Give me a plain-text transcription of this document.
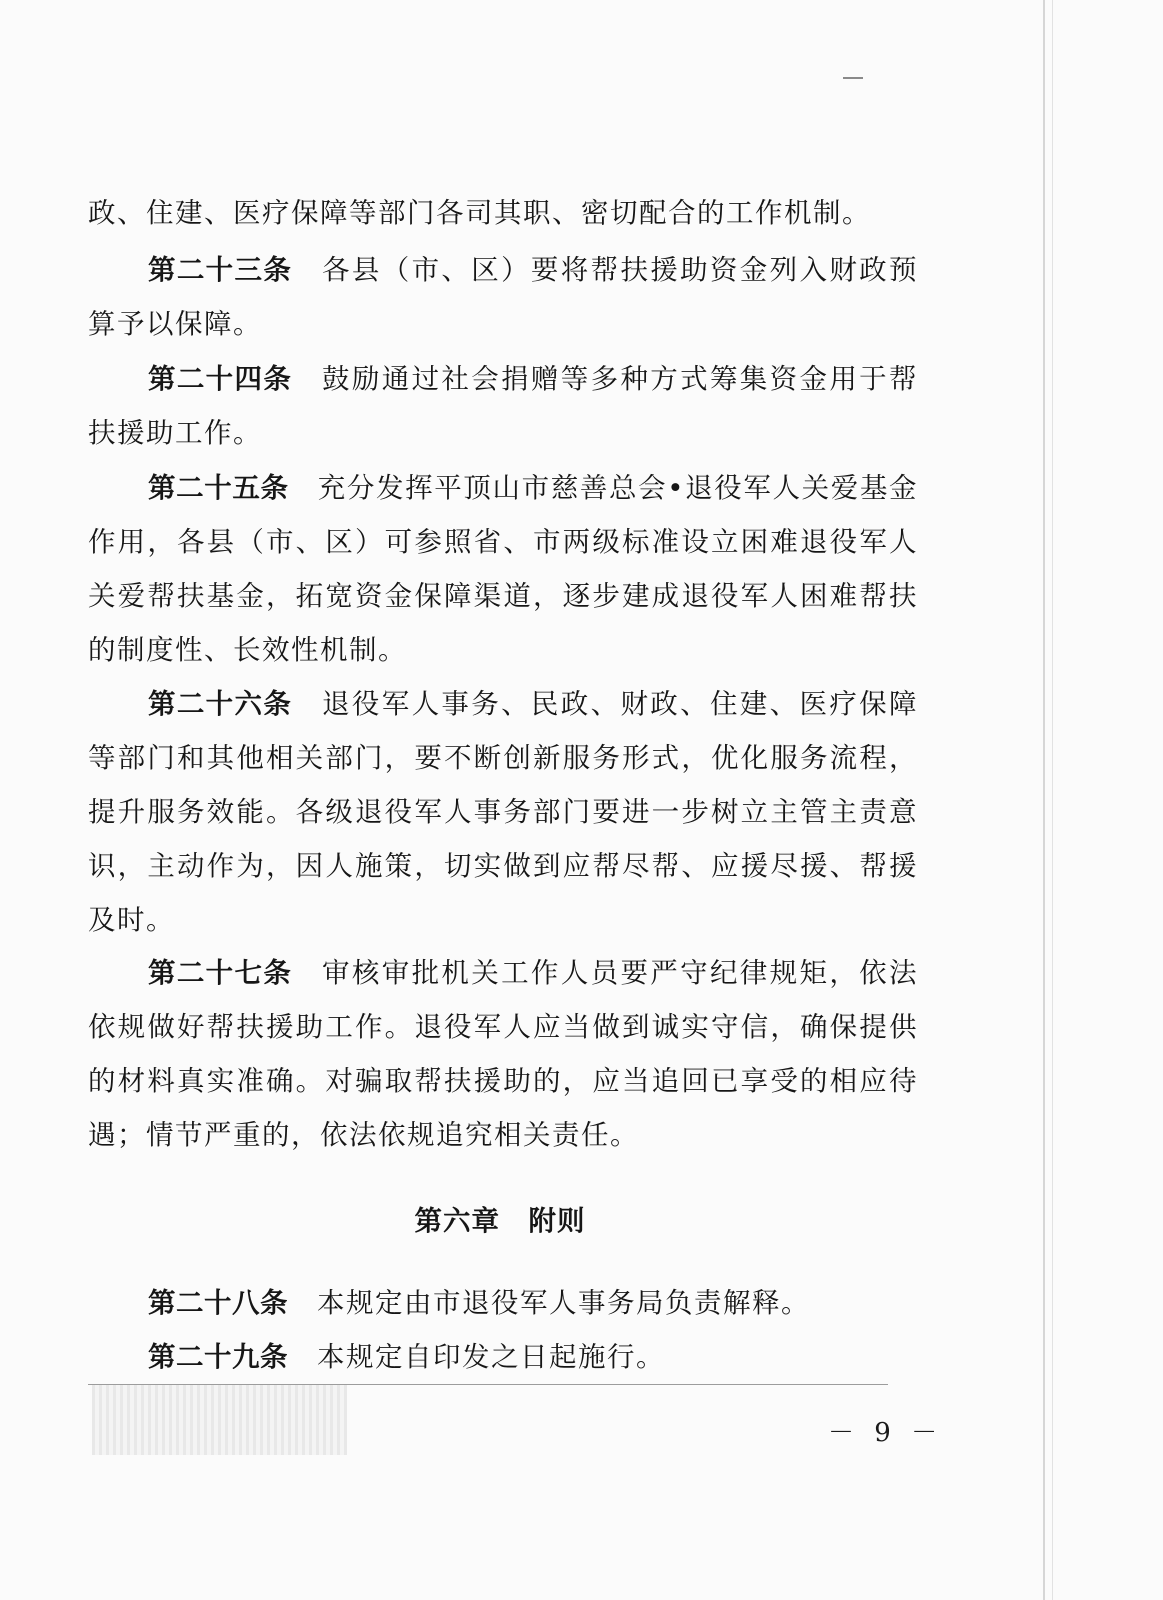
政、住建、医疗保障等部门各司其职、密切配合的工作机制。

第二十三条　 各县（市、区）要将帮扶援助资金列入财政预算予以保障。

第二十四条　 鼓励通过社会捐赠等多种方式筹集资金用于帮扶援助工作。

第二十五条　 充分发挥平顶山市慈善总会•退役军人关爱基金作用，各县（市、区）可参照省、市两级标准设立困难退役军人关爱帮扶基金，拓宽资金保障渠道，逐步建成退役军人困难帮扶的制度性、长效性机制。

第二十六条　 退役军人事务、民政、财政、住建、医疗保障等部门和其他相关部门，要不断创新服务形式，优化服务流程，提升服务效能。各级退役军人事务部门要进一步树立主管主责意识，主动作为，因人施策，切实做到应帮尽帮、应援尽援、帮援及时。

第二十七条　 审核审批机关工作人员要严守纪律规矩，依法依规做好帮扶援助工作。退役军人应当做到诚实守信，确保提供的材料真实准确。对骗取帮扶援助的，应当追回已享受的相应待遇；情节严重的，依法依规追究相关责任。

第六章　附则

第二十八条　 本规定由市退役军人事务局负责解释。

第二十九条　 本规定自印发之日起施行。

－ 9 －
